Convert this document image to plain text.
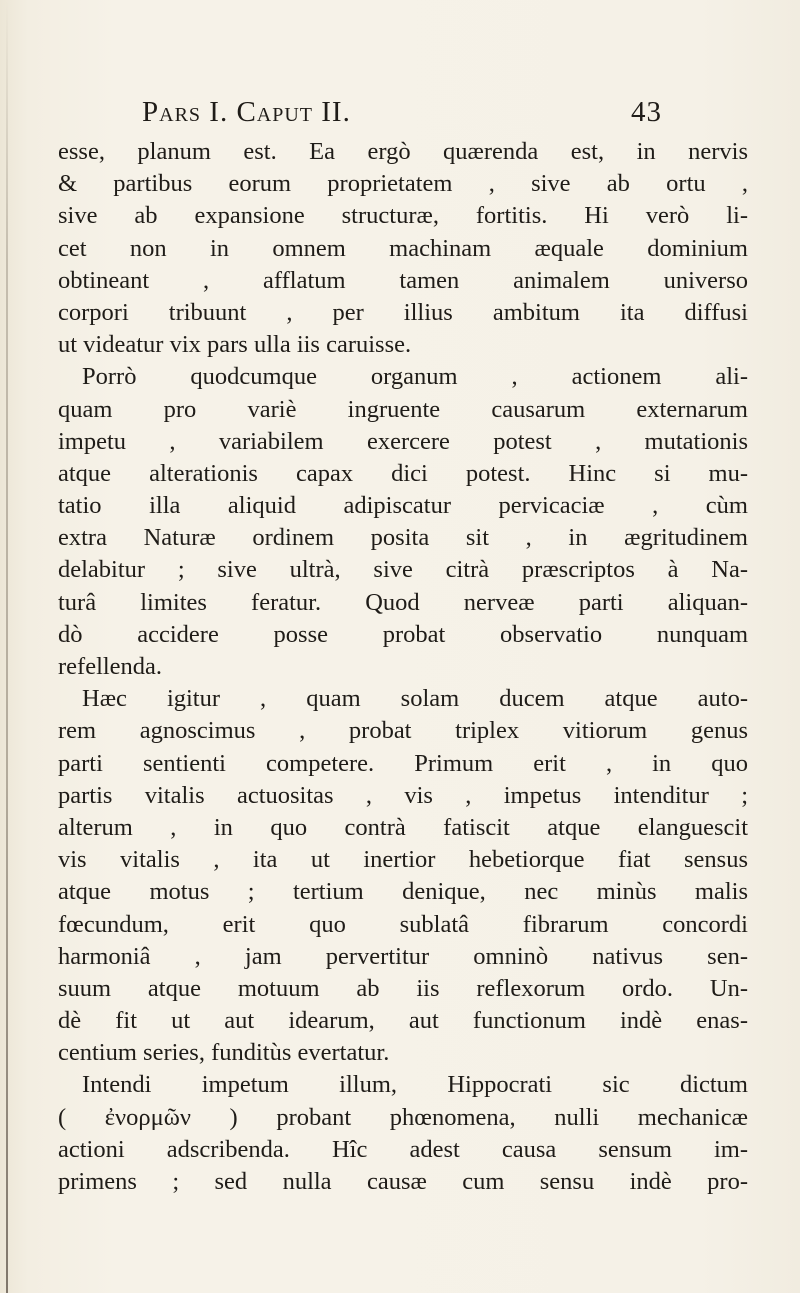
Pars I. Caput II.	43
esse, planum est. Ea ergò quærenda est, in nervis
& partibus eorum proprietatem , sive ab ortu ,
sive ab expansione structuræ, fortitis. Hi verò li-
cet non in omnem machinam æquale dominium
obtineant , afflatum tamen animalem universo
corpori tribuunt , per illius ambitum ita diffusi
ut videatur vix pars ulla iis caruisse.
Porrò quodcumque organum , actionem ali-
quam pro variè ingruente causarum externarum
impetu , variabilem exercere potest , mutationis
atque alterationis capax dici potest. Hinc si mu-
tatio illa aliquid adipiscatur pervicaciæ , cùm
extra Naturæ ordinem posita sit , in ægritudinem
delabitur ; sive ultrà, sive citrà præscriptos à Na-
turâ limites feratur. Quod nerveæ parti aliquan-
dò accidere posse probat observatio nunquam
refellenda.
Hæc igitur , quam solam ducem atque auto-
rem agnoscimus , probat triplex vitiorum genus
parti sentienti competere. Primum erit , in quo
partis vitalis actuositas , vis , impetus intenditur ;
alterum , in quo contrà fatiscit atque elanguescit
vis vitalis , ita ut inertior hebetiorque fiat sensus
atque motus ; tertium denique, nec minùs malis
fœcundum, erit quo sublatâ fibrarum concordi
harmoniâ , jam pervertitur omninò nativus sen-
suum atque motuum ab iis reflexorum ordo. Un-
dè fit ut aut idearum, aut functionum indè enas-
centium series, funditùs evertatur.
Intendi impetum illum, Hippocrati sic dictum
( ἐνορμῶν ) probant phœnomena, nulli mechanicæ
actioni adscribenda. Hîc adest causa sensum im-
primens ; sed nulla causæ cum sensu indè pro-
